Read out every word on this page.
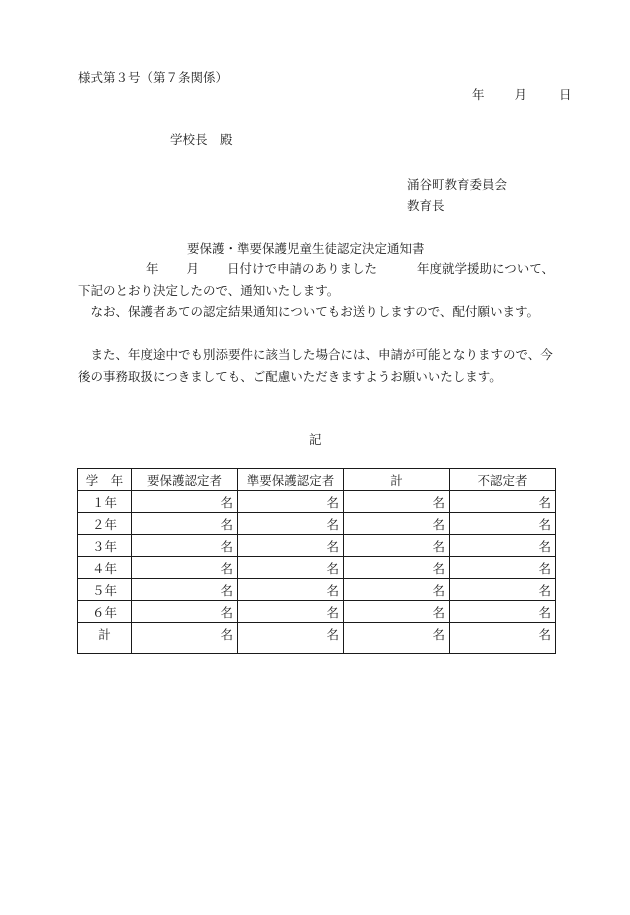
様式第３号（第７条関係）
年 月	日
学校長　殿
涌谷町教育委員会
教育長
要保護・準要保護児童生徒認定決定通知書
年 月 日付けで申請のありました	年度就学援助について、下記のとおり決定したので、通知いたします。
　なお、保護者あての認定結果通知についてもお送りしますので、配付願います。
　また、年度途中でも別添要件に該当した場合には、申請が可能となりますので、今後の事務取扱につきましても、ご配慮いただきますようお願いいたします。
記
学　年	要保護認定者	準要保護認定者	計	不認定者
１年	名	名	名	名
２年	名	名	名	名
３年	名	名	名	名
４年	名	名	名	名
５年	名	名	名	名
６年	名	名	名	名
計	名	名	名	名
